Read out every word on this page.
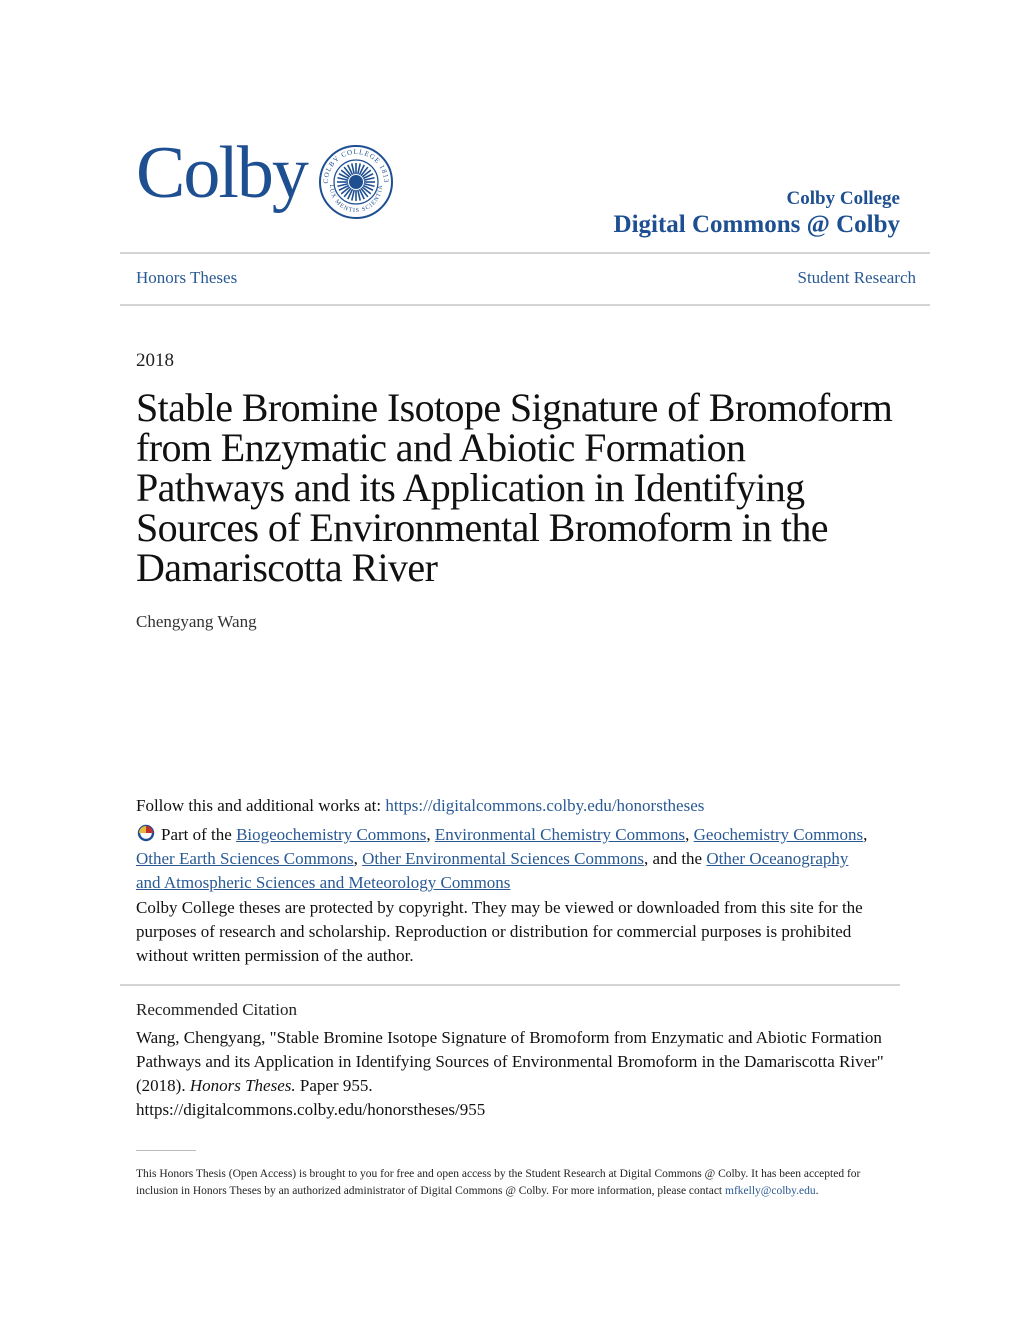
Colby COLBY COLLEGE 1813
LUX MENTIS SCIENTIA
Colby College
Digital Commons @ Colby
Honors Theses	Student Research
2018
Stable Bromine Isotope Signature of Bromoform from Enzymatic and Abiotic Formation Pathways and its Application in Identifying Sources of Environmental Bromoform in the Damariscotta River
Chengyang Wang
Follow this and additional works at: https://digitalcommons.colby.edu/honorstheses
Part of the Biogeochemistry Commons, Environmental Chemistry Commons, Geochemistry Commons, Other Earth Sciences Commons, Other Environmental Sciences Commons, and the Other Oceanography and Atmospheric Sciences and Meteorology Commons
Colby College theses are protected by copyright. They may be viewed or downloaded from this site for the purposes of research and scholarship. Reproduction or distribution for commercial purposes is prohibited without written permission of the author.
Recommended Citation
Wang, Chengyang, "Stable Bromine Isotope Signature of Bromoform from Enzymatic and Abiotic Formation Pathways and its Application in Identifying Sources of Environmental Bromoform in the Damariscotta River" (2018). Honors Theses. Paper 955.
https://digitalcommons.colby.edu/honorstheses/955
This Honors Thesis (Open Access) is brought to you for free and open access by the Student Research at Digital Commons @ Colby. It has been accepted for inclusion in Honors Theses by an authorized administrator of Digital Commons @ Colby. For more information, please contact mfkelly@colby.edu.
